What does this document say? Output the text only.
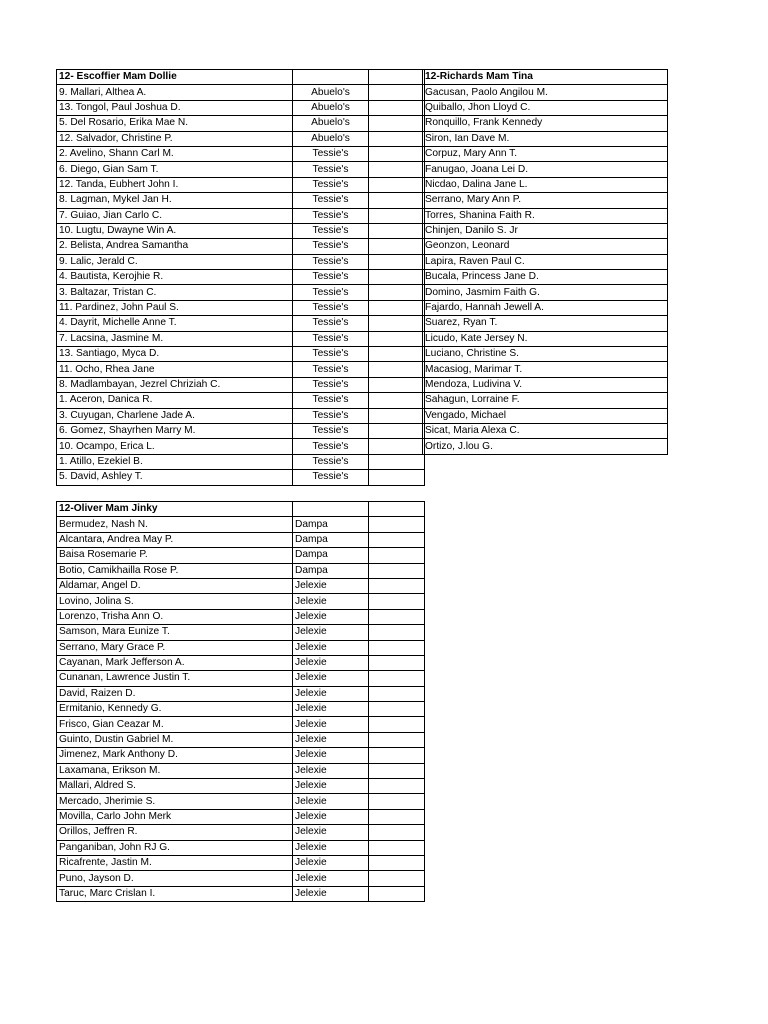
12- Escoffier Mam Dollie		
9. Mallari, Althea A.	Abuelo's	
13. Tongol, Paul Joshua D.	Abuelo's	
5. Del Rosario, Erika Mae N.	Abuelo's	
12. Salvador, Christine P.	Abuelo's	
2. Avelino, Shann Carl M.	Tessie's	
6. Diego, Gian Sam T.	Tessie's	
12. Tanda, Eubhert John I.	Tessie's	
8. Lagman, Mykel Jan H.	Tessie's	
7. Guiao, Jian Carlo C.	Tessie's	
10. Lugtu, Dwayne Win A.	Tessie's	
2. Belista, Andrea Samantha	Tessie's	
9. Lalic, Jerald C.	Tessie's	
4. Bautista, Kerojhie R.	Tessie's	
3. Baltazar, Tristan C.	Tessie's	
11. Pardinez, John Paul S.	Tessie's	
4. Dayrit, Michelle Anne T.	Tessie's	
7. Lacsina, Jasmine M.	Tessie's	
13. Santiago, Myca D.	Tessie's	
11. Ocho, Rhea Jane	Tessie's	
8. Madlambayan, Jezrel Chriziah C.	Tessie's	
1. Aceron, Danica R.	Tessie's	
3. Cuyugan, Charlene Jade A.	Tessie's	
6. Gomez, Shayrhen Marry M.	Tessie's	
10. Ocampo, Erica L.	Tessie's	
1. Atillo, Ezekiel B.	Tessie's	
5. David, Ashley T.	Tessie's	
12-Richards Mam Tina
Gacusan, Paolo Angilou M.
Quiballo, Jhon Lloyd C.
Ronquillo, Frank Kennedy
Siron, Ian Dave M.
Corpuz, Mary Ann T.
Fanugao, Joana Lei D.
Nicdao, Dalina Jane L.
Serrano, Mary Ann P.
Torres, Shanina Faith R.
Chinjen, Danilo S. Jr
Geonzon, Leonard
Lapira, Raven Paul C.
Bucala, Princess Jane D.
Domino, Jasmim Faith G.
Fajardo, Hannah Jewell A.
Suarez, Ryan T.
Licudo, Kate Jersey N.
Luciano, Christine S.
Macasiog, Marimar T.
Mendoza, Ludivina V.
Sahagun, Lorraine F.
Vengado, Michael
Sicat, Maria Alexa C.
Ortizo, J.lou G.
12-Oliver Mam Jinky		
Bermudez, Nash N.	Dampa	
Alcantara, Andrea May P.	Dampa	
Baisa Rosemarie P.	Dampa	
Botio, Camikhailla Rose P.	Dampa	
Aldamar, Angel D.	Jelexie	
Lovino, Jolina S.	Jelexie	
Lorenzo, Trisha Ann O.	Jelexie	
Samson, Mara Eunize T.	Jelexie	
Serrano, Mary Grace P.	Jelexie	
Cayanan, Mark Jefferson A.	Jelexie	
Cunanan, Lawrence Justin T.	Jelexie	
David, Raizen D.	Jelexie	
Ermitanio, Kennedy G.	Jelexie	
Frisco, Gian Ceazar M.	Jelexie	
Guinto, Dustin Gabriel M.	Jelexie	
Jimenez, Mark Anthony D.	Jelexie	
Laxamana, Erikson M.	Jelexie	
Mallari, Aldred S.	Jelexie	
Mercado, Jherimie S.	Jelexie	
Movilla, Carlo John Merk	Jelexie	
Orillos, Jeffren R.	Jelexie	
Panganiban, John RJ G.	Jelexie	
Ricafrente, Jastin M.	Jelexie	
Puno, Jayson D.	Jelexie	
Taruc, Marc Crislan I.	Jelexie	
